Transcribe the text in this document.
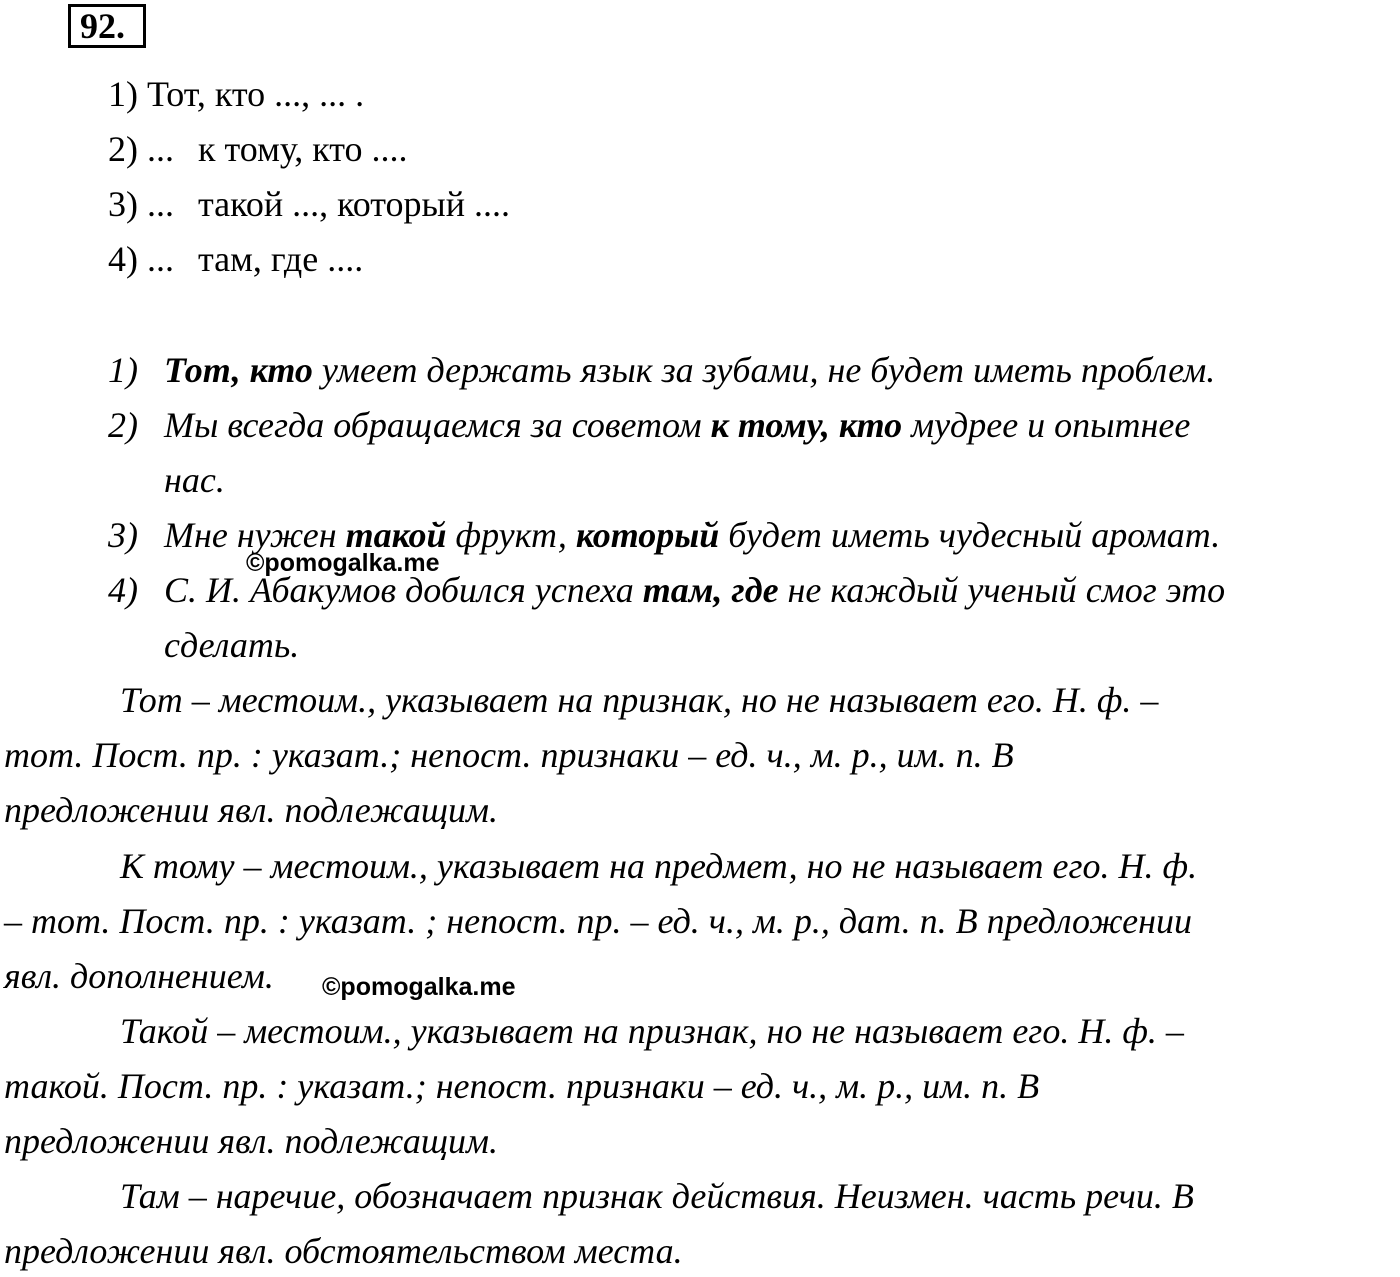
92.
1) Тот, кто ..., ... .
2) ... к тому, кто ....
3) ... такой ..., который ....
4) ... там, где ....
1) Тот, кто умеет держать язык за зубами, не будет иметь проблем.
2) Мы всегда обращаемся за советом к тому, кто мудрее и опытнее
нас.
3) Мне нужен такой фрукт, который будет иметь чудесный аромат.
4) С. И. Абакумов добился успеха там, где не каждый ученый смог это
сделать.
Тот – местоим., указывает на признак, но не называет его. Н. ф. –
тот. Пост. пр. : указат.; непост. признаки – ед. ч., м. р., им. п. В
предложении явл. подлежащим.
К тому – местоим., указывает на предмет, но не называет его. Н. ф.
– тот. Пост. пр. : указат. ; непост. пр. – ед. ч., м. р., дат. п. В предложении
явл. дополнением.
Такой – местоим., указывает на признак, но не называет его. Н. ф. –
такой. Пост. пр. : указат.; непост. признаки – ед. ч., м. р., им. п. В
предложении явл. подлежащим.
Там – наречие, обозначает признак действия. Неизмен. часть речи. В
предложении явл. обстоятельством места.
©pomogalka.me
©pomogalka.me
